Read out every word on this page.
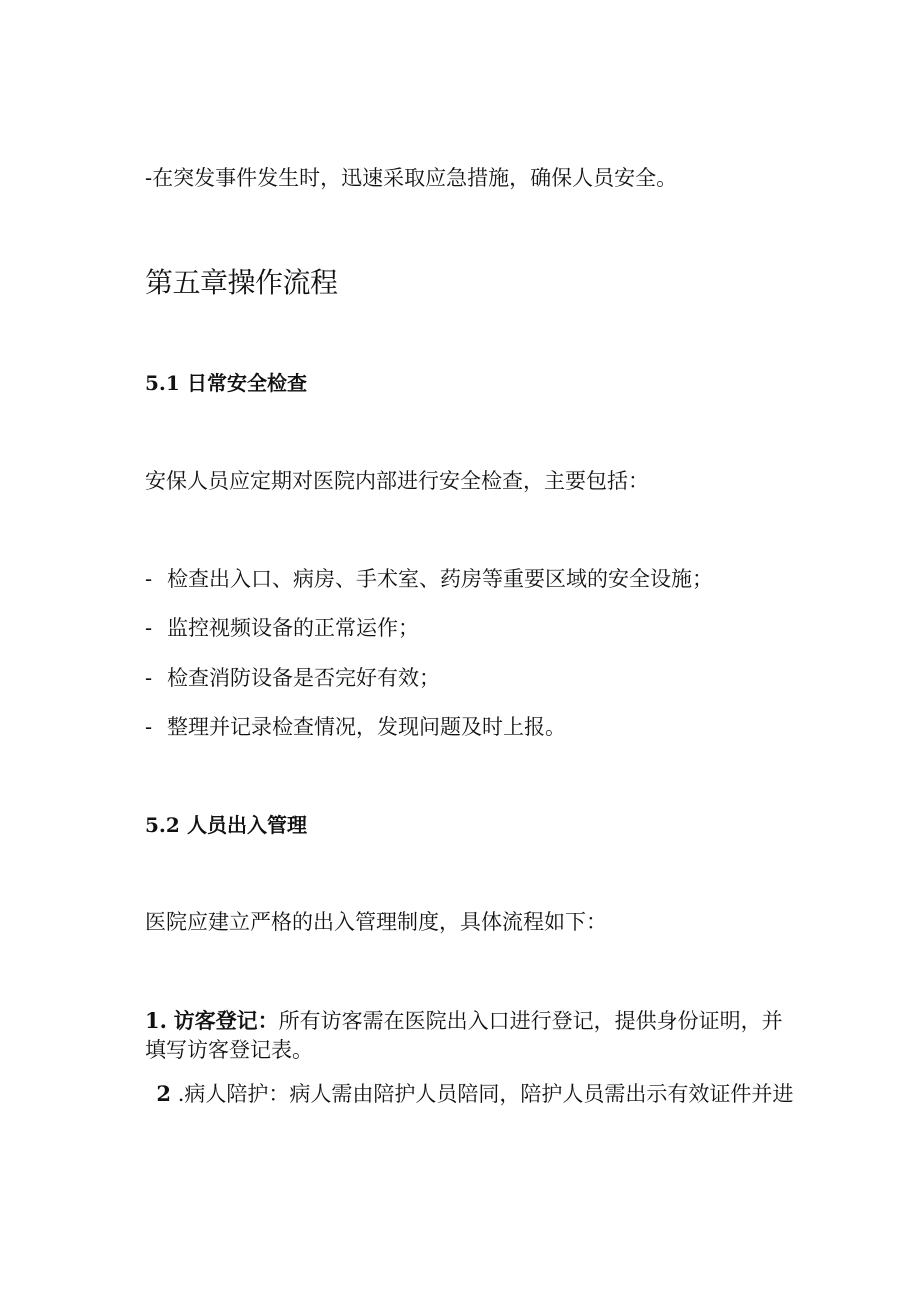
-在突发事件发生时，迅速采取应急措施，确保人员安全。
第五章操作流程
5.1 日常安全检查
安保人员应定期对医院内部进行安全检查，主要包括：
- 检查出入口、病房、手术室、药房等重要区域的安全设施；
- 监控视频设备的正常运作；
- 检查消防设备是否完好有效；
- 整理并记录检查情况，发现问题及时上报。
5.2 人员出入管理
医院应建立严格的出入管理制度，具体流程如下：
1. 访客登记：所有访客需在医院出入口进行登记，提供身份证明，并
填写访客登记表。
2 .病人陪护：病人需由陪护人员陪同，陪护人员需出示有效证件并进
